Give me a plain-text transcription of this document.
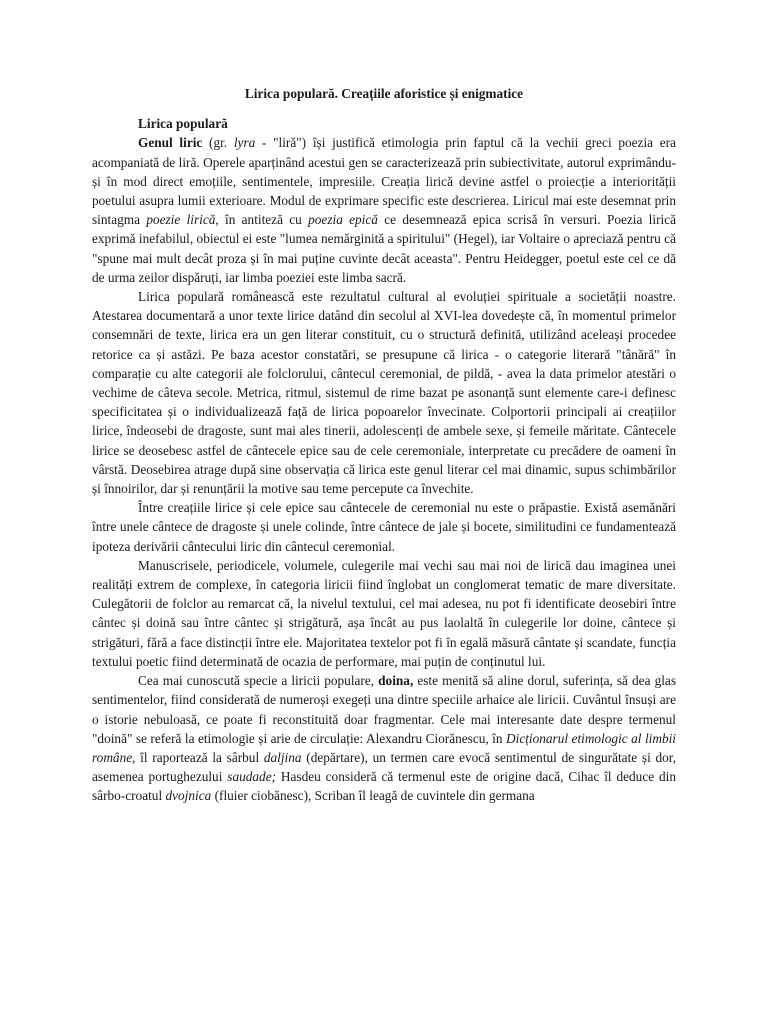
Lirica populară. Creațiile aforistice și enigmatice
Lirica populară

Genul liric (gr. lyra - "liră") își justifică etimologia prin faptul că la vechii greci poezia era acompaniată de liră. Operele aparținând acestui gen se caracterizează prin subiectivitate, autorul exprimându-și în mod direct emoțiile, sentimentele, impresiile. Creația lirică devine astfel o proiecție a interiorității poetului asupra lumii exterioare. Modul de exprimare specific este descrierea. Liricul mai este desemnat prin sintagma poezie lirică, în antiteză cu poezia epică ce desemnează epica scrisă în versuri. Poezia lirică exprimă inefabilul, obiectul ei este "lumea nemărginită a spiritului" (Hegel), iar Voltaire o apreciază pentru că "spune mai mult decât proza și în mai puține cuvinte decât aceasta". Pentru Heidegger, poetul este cel ce dă de urma zeilor dispăruți, iar limba poeziei este limba sacră.

Lirica populară românească este rezultatul cultural al evoluției spirituale a societății noastre. Atestarea documentară a unor texte lirice datând din secolul al XVI-lea dovedește că, în momentul primelor consemnări de texte, lirica era un gen literar constituit, cu o structură definită, utilizând aceleași procedee retorice ca și astăzi. Pe baza acestor constatări, se presupune că lirica - o categorie literară "tânără" în comparație cu alte categorii ale folclorului, cântecul ceremonial, de pildă, - avea la data primelor atestări o vechime de câteva secole. Metrica, ritmul, sistemul de rime bazat pe asonanță sunt elemente care-i definesc specificitatea și o individualizează față de lirica popoarelor învecinate. Colportorii principali ai creațiilor lirice, îndeosebi de dragoste, sunt mai ales tinerii, adolescenți de ambele sexe, și femeile măritate. Cântecele lirice se deosebesc astfel de cântecele epice sau de cele ceremoniale, interpretate cu precădere de oameni în vârstă. Deosebirea atrage după sine observația că lirica este genul literar cel mai dinamic, supus schimbărilor și înnoirilor, dar și renunțării la motive sau teme percepute ca învechite.

Între creațiile lirice și cele epice sau cântecele de ceremonial nu este o prăpastie. Există asemănări între unele cântece de dragoste și unele colinde, între cântece de jale și bocete, similitudini ce fundamentează ipoteza derivării cântecului liric din cântecul ceremonial.

Manuscrisele, periodicele, volumele, culegerile mai vechi sau mai noi de lirică dau imaginea unei realități extrem de complexe, în categoria liricii fiind înglobat un conglomerat tematic de mare diversitate. Culegătorii de folclor au remarcat că, la nivelul textului, cel mai adesea, nu pot fi identificate deosebiri între cântec și doină sau între cântec și strigătură, așa încât au pus laolaltă în culegerile lor doine, cântece și strigături, fără a face distincții între ele. Majoritatea textelor pot fi în egală măsură cântate și scandate, funcția textului poetic fiind determinată de ocazia de performare, mai puțin de conținutul lui.

Cea mai cunoscută specie a liricii populare, doina, este menită să aline dorul, suferința, să dea glas sentimentelor, fiind considerată de numeroși exegeți una dintre speciile arhaice ale liricii. Cuvântul însuși are o istorie nebuloasă, ce poate fi reconstituită doar fragmentar. Cele mai interesante date despre termenul "doină" se referă la etimologie și arie de circulație: Alexandru Ciorănescu, în Dicționarul etimologic al limbii române, îl raportează la sârbul daljina (depărtare), un termen care evocă sentimentul de singurătate și dor, asemenea portughezului saudade; Hasdeu consideră că termenul este de origine dacă, Cihac îl deduce din sârbo-croatul dvojnica (fluier ciobănesc), Scriban îl leagă de cuvintele din germana
